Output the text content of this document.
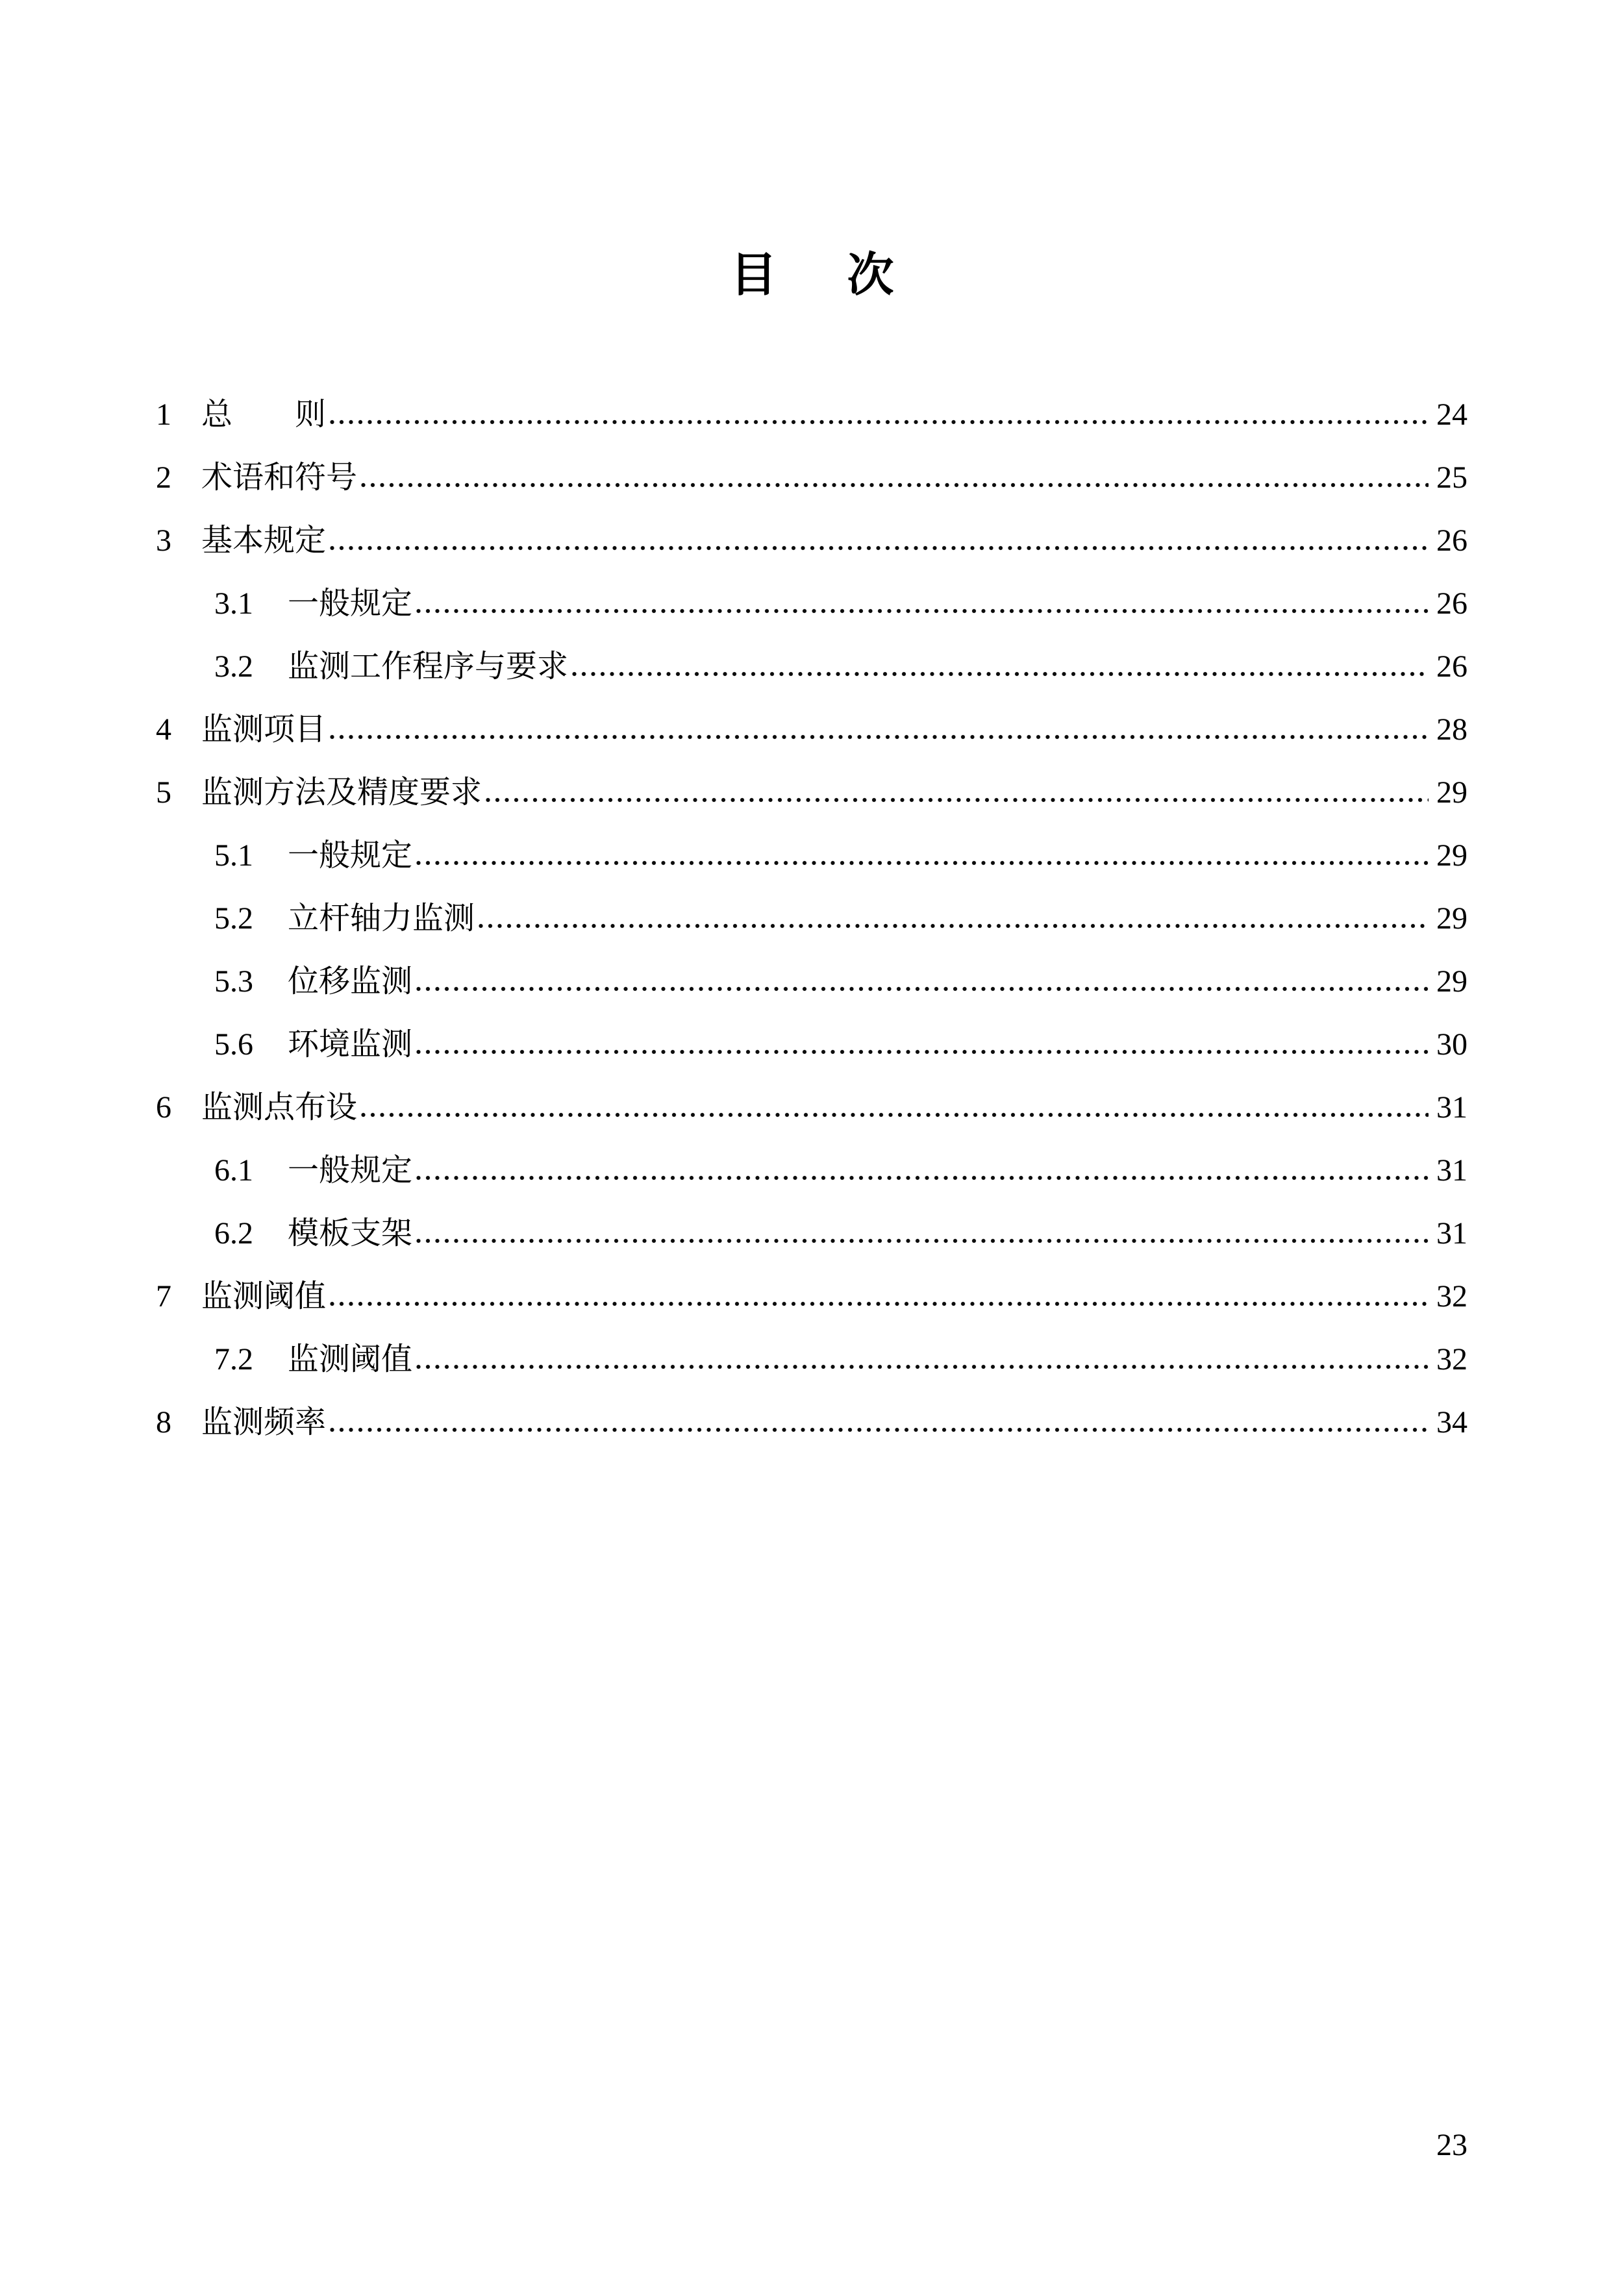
目　次
1 总　　则	24
2 术语和符号	25
3 基本规定	26
3.1	一般规定	26
3.2	监测工作程序与要求	26
4 监测项目	28
5 监测方法及精度要求	29
5.1	一般规定	29
5.2	立杆轴力监测	29
5.3	位移监测	29
5.6	环境监测	30
6 监测点布设	31
6.1	一般规定	31
6.2	模板支架	31
7 监测阈值	32
7.2	监测阈值	32
8 监测频率	34
23
